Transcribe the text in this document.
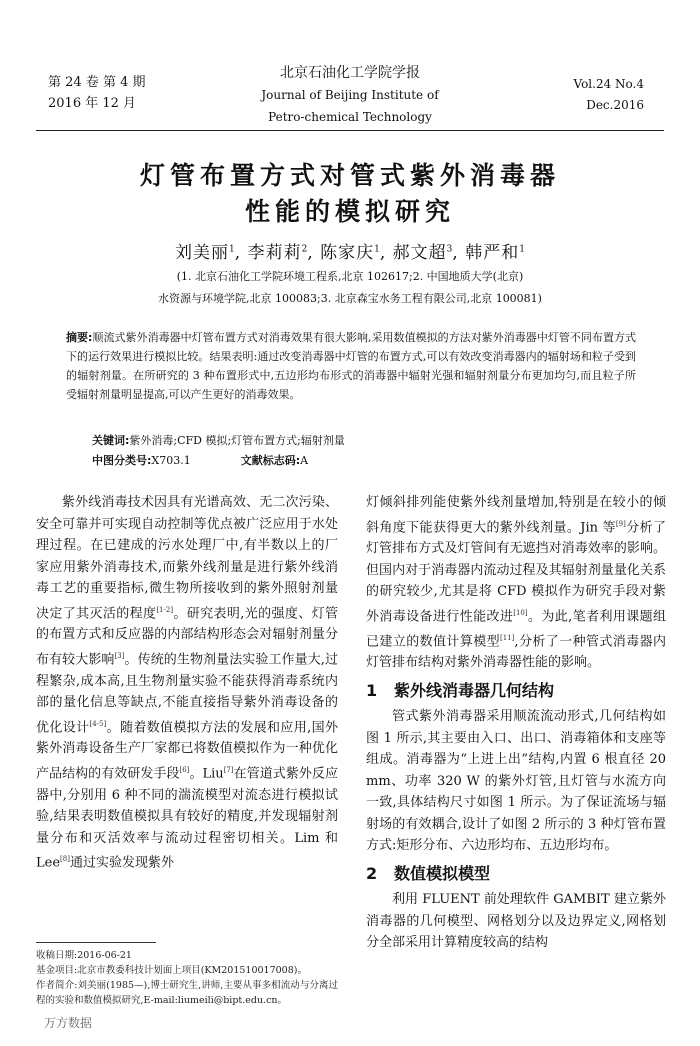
第 24 卷 第 4 期
2016 年 12 月
北京石油化工学院学报
Journal of Beijing Institute of
Petro-chemical Technology
Vol.24 No.4
Dec.2016
灯管布置方式对管式紫外消毒器
性能的模拟研究
刘美丽$^1$, 李莉莉$^2$, 陈家庆$^1$, 郝文超$^3$, 韩严和$^1$
(1. 北京石油化工学院环境工程系,北京 102617;2. 中国地质大学(北京)
水资源与环境学院,北京 100083;3. 北京森宝水务工程有限公司,北京 100081)
摘要:顺流式紫外消毒器中灯管布置方式对消毒效果有很大影响,采用数值模拟的方法对紫外消毒器中灯管不同布置方式下的运行效果进行模拟比较。结果表明:通过改变消毒器中灯管的布置方式,可以有效改变消毒器内的辐射场和粒子受到的辐射剂量。在所研究的 3 种布置形式中,五边形均布形式的消毒器中辐射光强和辐射剂量分布更加均匀,而且粒子所受辐射剂量明显提高,可以产生更好的消毒效果。
关键词:紫外消毒;CFD 模拟;灯管布置方式;辐射剂量
中图分类号:X703.1	文献标志码:A

紫外线消毒技术因具有光谱高效、无二次污染、安全可靠并可实现自动控制等优点被广泛应用于水处理过程。在已建成的污水处理厂中,有半数以上的厂家应用紫外消毒技术,而紫外线剂量是进行紫外线消毒工艺的重要指标,微生物所接收到的紫外照射剂量决定了其灭活的程度[1-2]。研究表明,光的强度、灯管的布置方式和反应器的内部结构形态会对辐射剂量分布有较大影响[3]。传统的生物剂量法实验工作量大,过程繁杂,成本高,且生物剂量实验不能获得消毒系统内部的量化信息等缺点,不能直接指导紫外消毒设备的优化设计[4-5]。随着数值模拟方法的发展和应用,国外紫外消毒设备生产厂家都已将数值模拟作为一种优化产品结构的有效研发手段[6]。Liu[7]在管道式紫外反应器中,分别用 6 种不同的湍流模型对流态进行模拟试验,结果表明数值模拟具有较好的精度,并发现辐射剂量分布和灭活效率与流动过程密切相关。Lim 和 Lee[8]通过实验发现紫外

灯倾斜排列能使紫外线剂量增加,特别是在较小的倾斜角度下能获得更大的紫外线剂量。Jin 等[9]分析了灯管排布方式及灯管间有无遮挡对消毒效率的影响。但国内对于消毒器内流动过程及其辐射剂量量化关系的研究较少,尤其是将 CFD 模拟作为研究手段对紫外消毒设备进行性能改进[10]。为此,笔者利用课题组已建立的数值计算模型[11],分析了一种管式消毒器内灯管排布结构对紫外消毒器性能的影响。

1 紫外线消毒器几何结构

管式紫外消毒器采用顺流流动形式,几何结构如图 1 所示,其主要由入口、出口、消毒箱体和支座等组成。消毒器为“上进上出”结构,内置 6 根直径 20 mm、功率 320 W 的紫外灯管,且灯管与水流方向一致,具体结构尺寸如图 1 所示。为了保证流场与辐射场的有效耦合,设计了如图 2 所示的 3 种灯管布置方式:矩形分布、六边形均布、五边形均布。

2 数值模拟模型

利用 FLUENT 前处理软件 GAMBIT 建立紫外消毒器的几何模型、网格划分以及边界定义,网格划分全部采用计算精度较高的结构

收稿日期:2016-06-21
基金项目:北京市教委科技计划面上项目(KM201510017008)。
作者简介:刘美丽(1985—),博士研究生,讲师,主要从事多相流动与分离过程的实验和数值模拟研究,E-mail:liumeili@bipt.edu.cn。
万方数据
